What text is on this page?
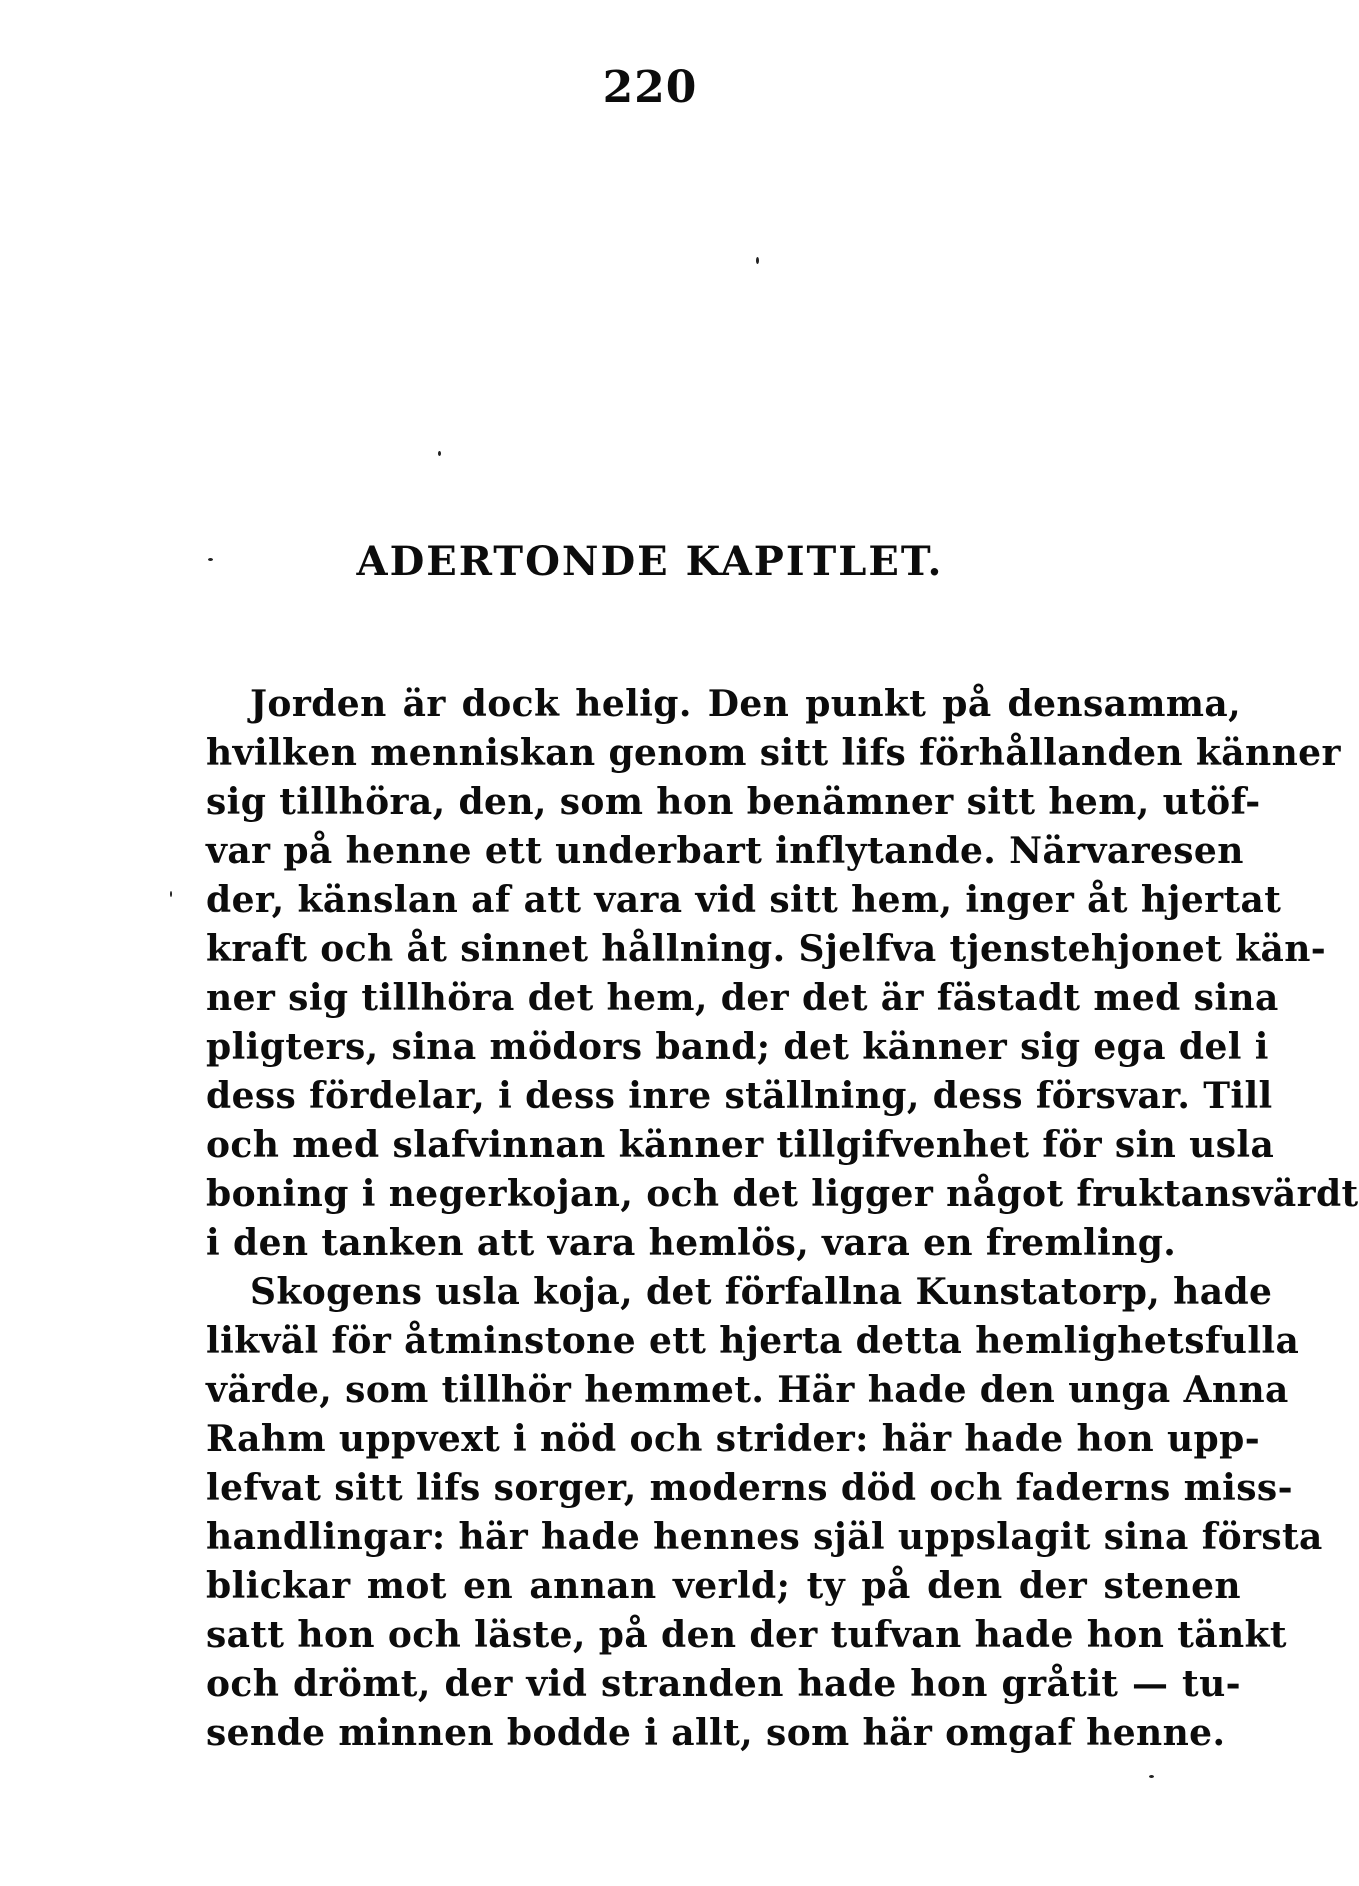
220
ADERTONDE KAPITLET.
Jorden är dock helig. Den punkt på densamma,
hvilken menniskan genom sitt lifs förhållanden känner
sig tillhöra, den, som hon benämner sitt hem, utöf-
var på henne ett underbart inflytande. Närvaresen
der, känslan af att vara vid sitt hem, inger åt hjertat
kraft och åt sinnet hållning. Sjelfva tjenstehjonet kän-
ner sig tillhöra det hem, der det är fästadt med sina
pligters, sina mödors band; det känner sig ega del i
dess fördelar, i dess inre ställning, dess försvar. Till
och med slafvinnan känner tillgifvenhet för sin usla
boning i negerkojan, och det ligger något fruktansvärdt
i den tanken att vara hemlös, vara en fremling.
Skogens usla koja, det förfallna Kunstatorp, hade
likväl för åtminstone ett hjerta detta hemlighetsfulla
värde, som tillhör hemmet. Här hade den unga Anna
Rahm uppvext i nöd och strider: här hade hon upp-
lefvat sitt lifs sorger, moderns död och faderns miss-
handlingar: här hade hennes själ uppslagit sina första
blickar mot en annan verld; ty på den der stenen
satt hon och läste, på den der tufvan hade hon tänkt
och drömt, der vid stranden hade hon gråtit — tu-
sende minnen bodde i allt, som här omgaf henne.
